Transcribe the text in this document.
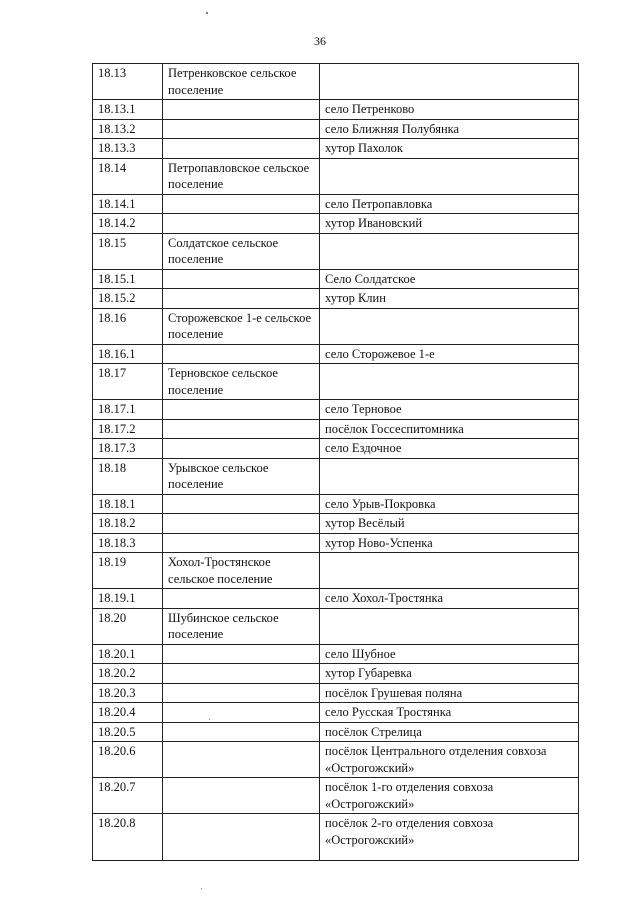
36
18.13	Петренковское сельское поселение	
18.13.1		село Петренково
18.13.2		село Ближняя Полубянка
18.13.3		хутор Пахолок
18.14	Петропавловское сельское поселение	
18.14.1		село Петропавловка
18.14.2		хутор Ивановский
18.15	Солдатское сельское поселение	
18.15.1		Село Солдатское
18.15.2		хутор Клин
18.16	Сторожевское 1-е сельское поселение	
18.16.1		село Сторожевое 1-е
18.17	Терновское сельское поселение	
18.17.1		село Терновое
18.17.2		посёлок Госсеспитомника
18.17.3		село Ездочное
18.18	Урывское сельское поселение	
18.18.1		село Урыв-Покровка
18.18.2		хутор Весёлый
18.18.3		хутор Ново-Успенка
18.19	Хохол-Тростянское сельское поселение	
18.19.1		село Хохол-Тростянка
18.20	Шубинское сельское поселение	
18.20.1		село Шубное
18.20.2		хутор Губаревка
18.20.3		посёлок Грушевая поляна
18.20.4		село Русская Тростянка
18.20.5		посёлок Стрелица
18.20.6		посёлок Центрального отделения совхоза «Острогожский»
18.20.7		посёлок 1-го отделения совхоза «Острогожский»
18.20.8		посёлок 2-го отделения совхоза «Острогожский»
